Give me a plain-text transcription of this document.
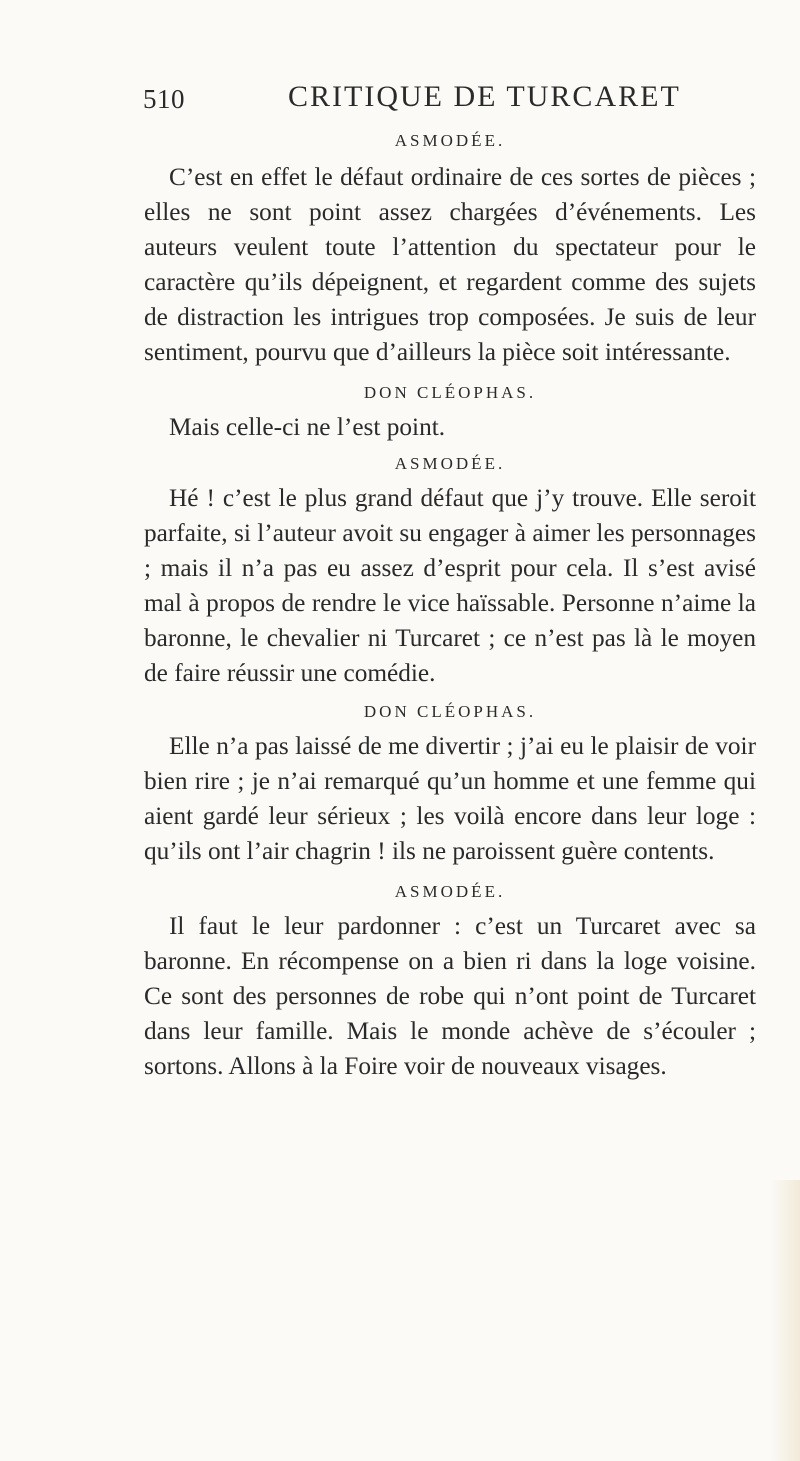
510	CRITIQUE DE TURCARET

ASMODÉE.

C’est en effet le défaut ordinaire de ces sortes de pièces ; elles ne sont point assez chargées d’événements. Les auteurs veulent toute l’attention du spectateur pour le caractère qu’ils dépeignent, et regardent comme des sujets de distraction les intrigues trop composées. Je suis de leur sentiment, pourvu que d’ailleurs la pièce soit intéressante.

DON CLÉOPHAS.

Mais celle-ci ne l’est point.

ASMODÉE.

Hé ! c’est le plus grand défaut que j’y trouve. Elle seroit parfaite, si l’auteur avoit su engager à aimer les personnages ; mais il n’a pas eu assez d’esprit pour cela. Il s’est avisé mal à propos de rendre le vice haïssable. Personne n’aime la baronne, le chevalier ni Turcaret ; ce n’est pas là le moyen de faire réussir une comédie.

DON CLÉOPHAS.

Elle n’a pas laissé de me divertir ; j’ai eu le plaisir de voir bien rire ; je n’ai remarqué qu’un homme et une femme qui aient gardé leur sérieux ; les voilà encore dans leur loge : qu’ils ont l’air chagrin ! ils ne paroissent guère contents.

ASMODÉE.

Il faut le leur pardonner : c’est un Turcaret avec sa baronne. En récompense on a bien ri dans la loge voisine. Ce sont des personnes de robe qui n’ont point de Turcaret dans leur famille. Mais le monde achève de s’écouler ; sortons. Allons à la Foire voir de nouveaux visages.
